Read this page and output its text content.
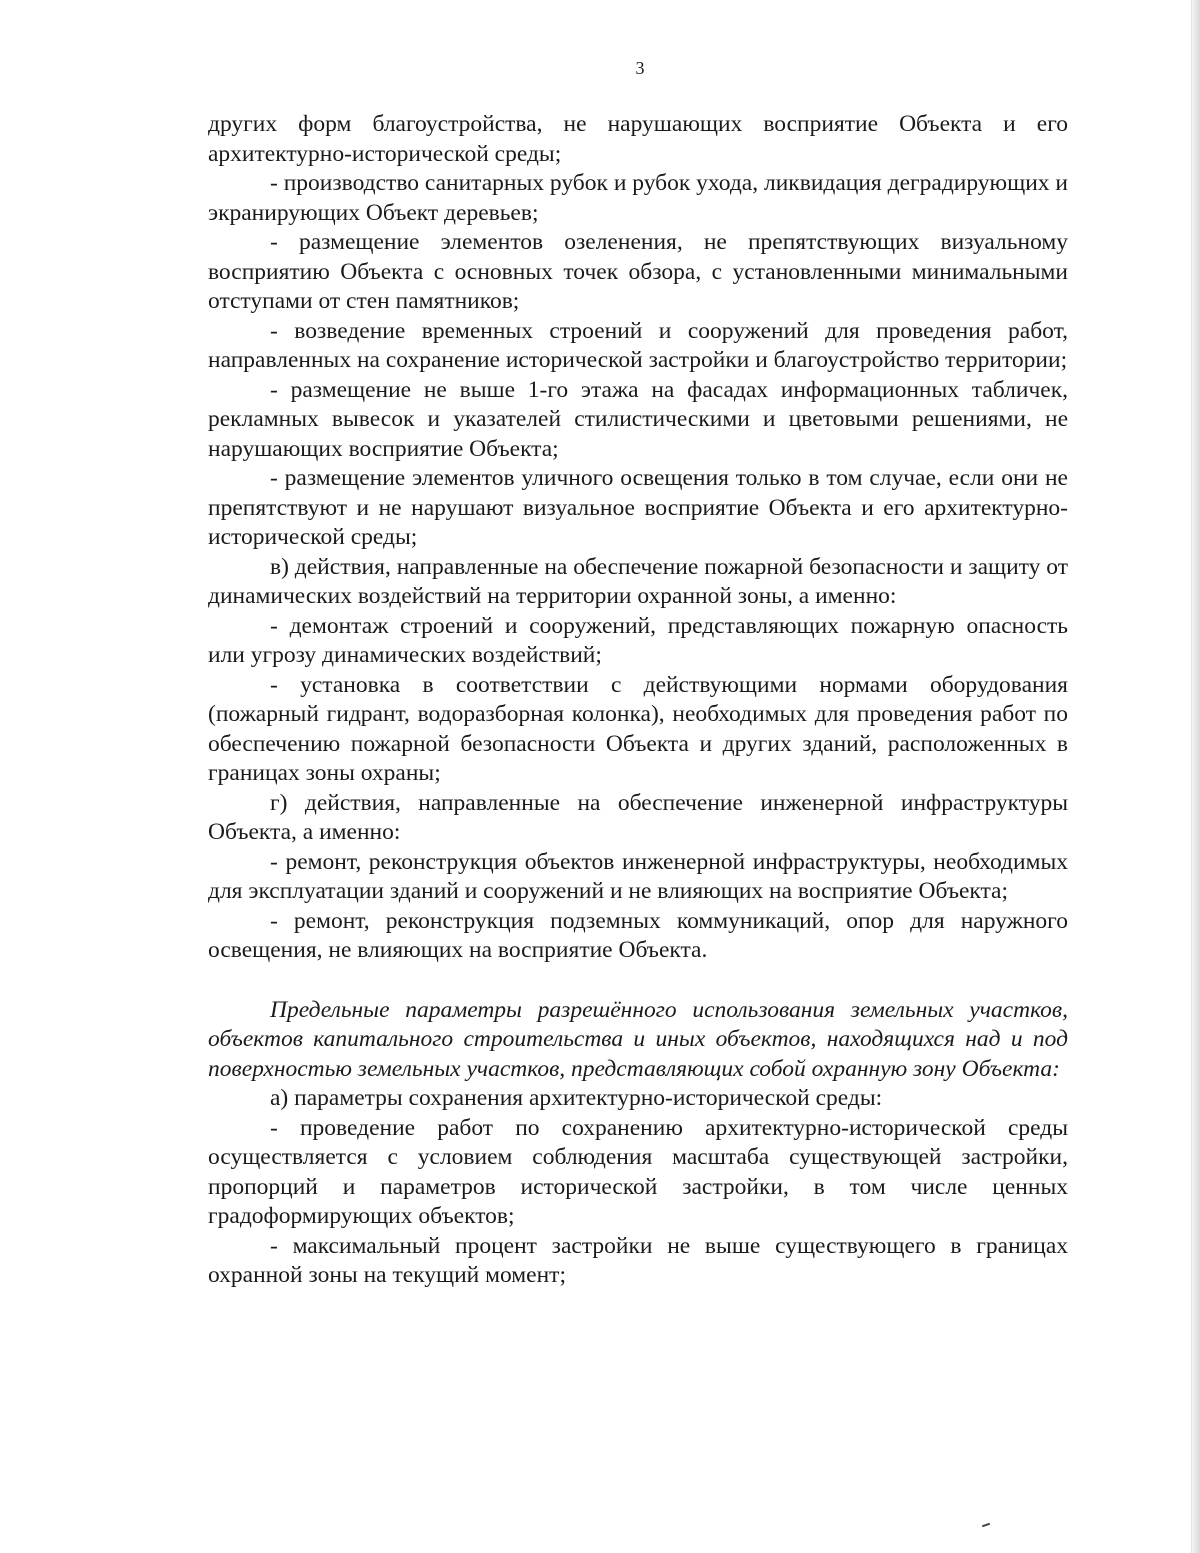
3

других форм благоустройства, не нарушающих восприятие Объекта и его архитектурно-исторической среды;

- производство санитарных рубок и рубок ухода, ликвидация деградирующих и экранирующих Объект деревьев;

- размещение элементов озеленения, не препятствующих визуальному восприятию Объекта с основных точек обзора, с установленными минимальными отступами от стен памятников;

- возведение временных строений и сооружений для проведения работ, направленных на сохранение исторической застройки и благоустройство территории;

- размещение не выше 1-го этажа на фасадах информационных табличек, рекламных вывесок и указателей стилистическими и цветовыми решениями, не нарушающих восприятие Объекта;

- размещение элементов уличного освещения только в том случае, если они не препятствуют и не нарушают визуальное восприятие Объекта и его архитектурно-исторической среды;

в) действия, направленные на обеспечение пожарной безопасности и защиту от динамических воздействий на территории охранной зоны, а именно:

- демонтаж строений и сооружений, представляющих пожарную опасность или угрозу динамических воздействий;

- установка в соответствии с действующими нормами оборудования (пожарный гидрант, водоразборная колонка), необходимых для проведения работ по обеспечению пожарной безопасности Объекта и других зданий, расположенных в границах зоны охраны;

г) действия, направленные на обеспечение инженерной инфраструктуры Объекта, а именно:

- ремонт, реконструкция объектов инженерной инфраструктуры, необходимых для эксплуатации зданий и сооружений и не влияющих на восприятие Объекта;

- ремонт, реконструкция подземных коммуникаций, опор для наружного освещения, не влияющих на восприятие Объекта.

Предельные параметры разрешённого использования земельных участков, объектов капитального строительства и иных объектов, находящихся над и под поверхностью земельных участков, представляющих собой охранную зону Объекта:

а) параметры сохранения архитектурно-исторической среды:

- проведение работ по сохранению архитектурно-исторической среды осуществляется с условием соблюдения масштаба существующей застройки, пропорций и параметров исторической застройки, в том числе ценных градоформирующих объектов;

- максимальный процент застройки не выше существующего в границах охранной зоны на текущий момент;
